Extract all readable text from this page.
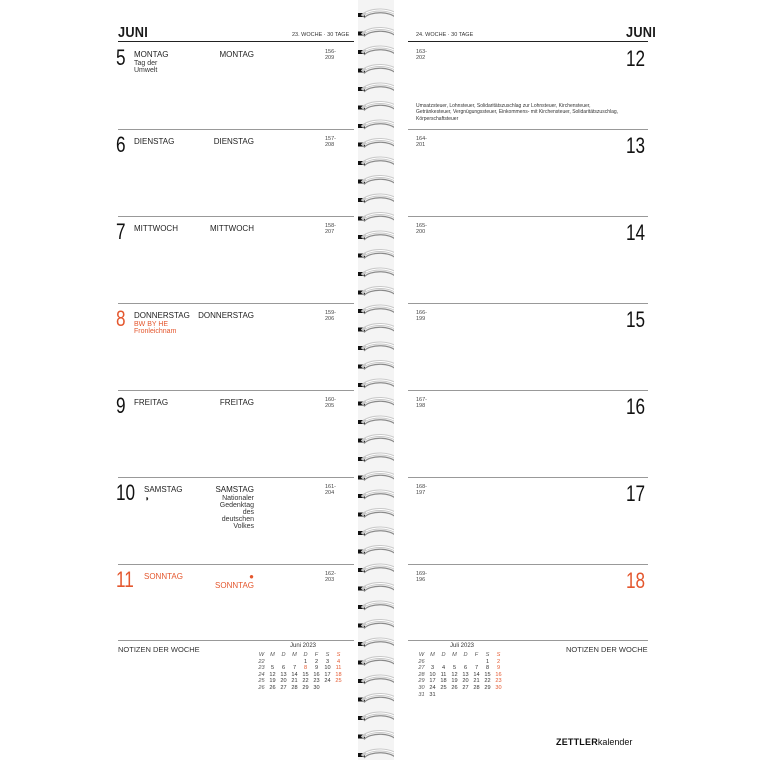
JUNI	23. WOCHE · 30 TAGE
5 MONTAG	156-209
Tag der Umwelt
6 DIENSTAG	157-208
7 MITTWOCH	158-207
8 DONNERSTAG	159-206
BW BY HE Fronleichnam
9 FREITAG	160-205
10 SAMSTAG ◑
161-204
11 SONNTAG	162-203
NOTIZEN DER WOCHE	Juni 2023
W	M	D	M	D	F	S	S
22				1	2	3	4
23	5	6	7	8	9	10	11
24	12	13	14	15	16	17	18
25	19	20	21	22	23	24	25
26	26	27	28	29	30		
24. WOCHE · 30 TAGE	JUNI
Umsatzsteuer, Lohnsteuer, Solidaritätszuschlag zur Lohnsteuer, Kirchensteuer, Getränkesteuer, Vergnügungssteuer, Einkommens- mit Kirchensteuer, Solidaritätszuschlag, Körperschaftsteuer
163-202
MONTAG	12
164-201
DIENSTAG	13
165-200
MITTWOCH	14
166-199
DONNERSTAG	15
167-198
FREITAG	16
168-197
SAMSTAG	17
Nationaler Gedenktag des deutschen Volkes
169-196
● SONNTAG	18
NOTIZEN DER WOCHE
Juli 2023
W	M	D	M	D	F	S	S
26						1	2
27	3	4	5	6	7	8	9
28	10	11	12	13	14	15	16
29	17	18	19	20	21	22	23
30	24	25	26	27	28	29	30
31	31						
ZETTLERkalender
